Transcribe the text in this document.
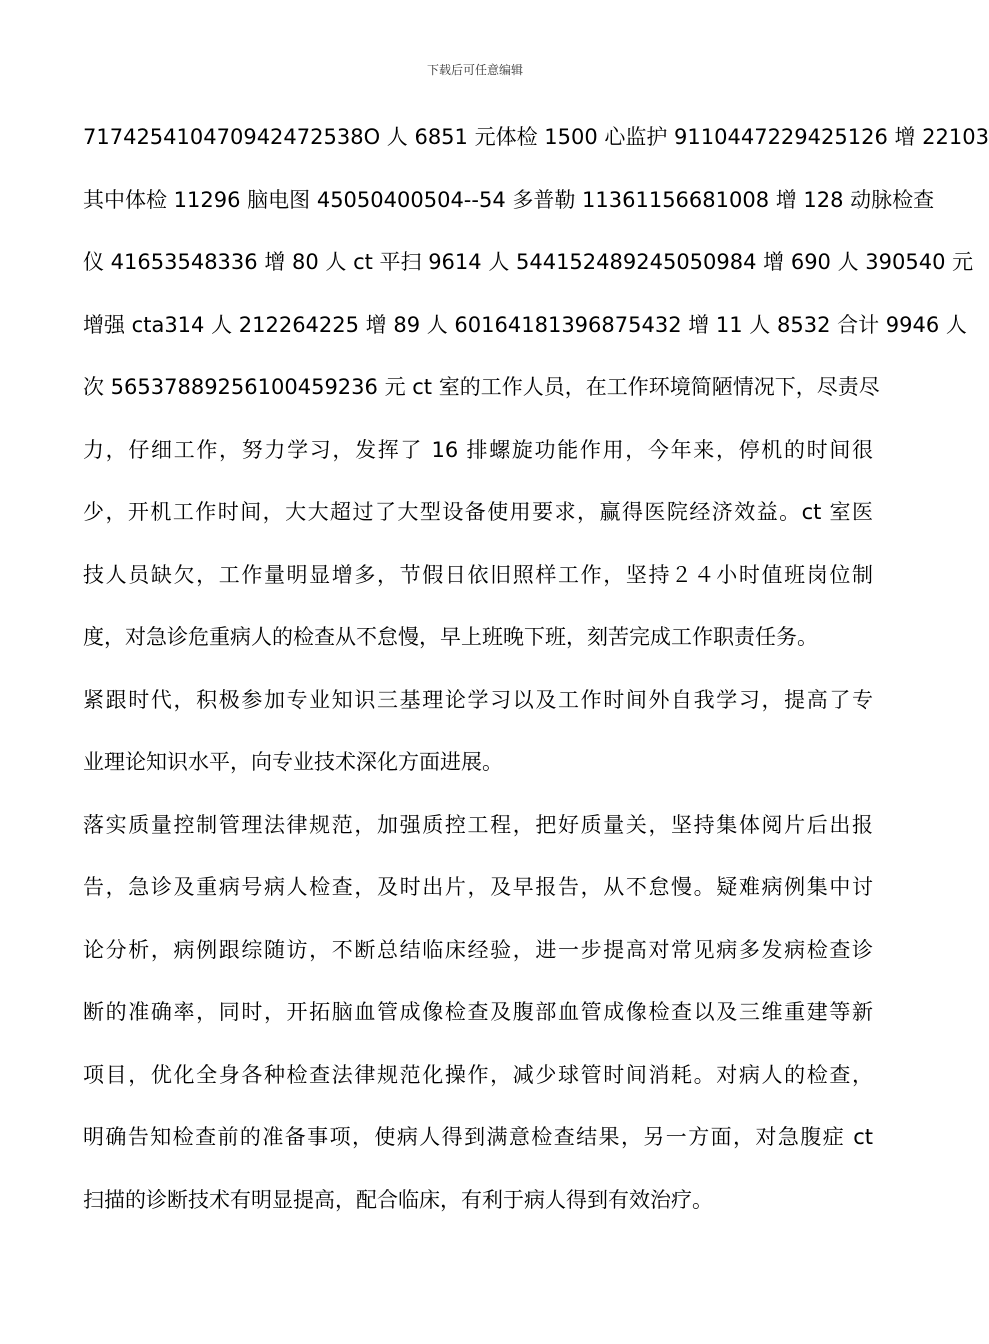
下载后可任意编辑
717425410470942472538O 人 6851 元体检 1500 心监护 9110447229425126 增 22103
其中体检 11296 脑电图 45050400504--54 多普勒 11361156681008 增 128 动脉检查
仪 41653548336 增 80 人 ct 平扫 9614 人 544152489245050984 增 690 人 390540 元
增强 cta314 人 212264225 增 89 人 60164181396875432 增 11 人 8532 合计 9946 人
次 5653788925610045923​6 元 ct 室的工作人员，在工作环境简陋情况下，尽责尽
力，仔细工作，努力学习，发挥了 16 排螺旋功能作用，今年来，停机的时间很
少，开机工作时间，大大超过了大型设备使用要求，赢得医院经济效益。ct 室医
技人员缺欠，工作量明显增多，节假日依旧照样工作，坚持２４小时值班岗位制
度，对急诊危重病人的检查从不怠慢，早上班晚下班，刻苦完成工作职责任务。
紧跟时代，积极参加专业知识三基理论学习以及工作时间外自我学习，提高了专
业理论知识水平，向专业技术深化方面进展。
落实质量控制管理法律规范，加强质控工程，把好质量关，坚持集体阅片后出报
告，急诊及重病号病人检查，及时出片，及早报告，从不怠慢。疑难病例集中讨
论分析，病例跟综随访，不断总结临床经验，进一步提高对常见病多发病检查诊
断的准确率，同时，开拓脑血管成像检查及腹部血管成像检查以及三维重建等新
项目，优化全身各种检查法律规范化操作，减少球管时间消耗。对病人的检查，
明确告知检查前的准备事项，使病人得到满意检查结果，另一方面，对急腹症 ct
扫描的诊断技术有明显提高，配合临床，有利于病人得到有效治疗。
